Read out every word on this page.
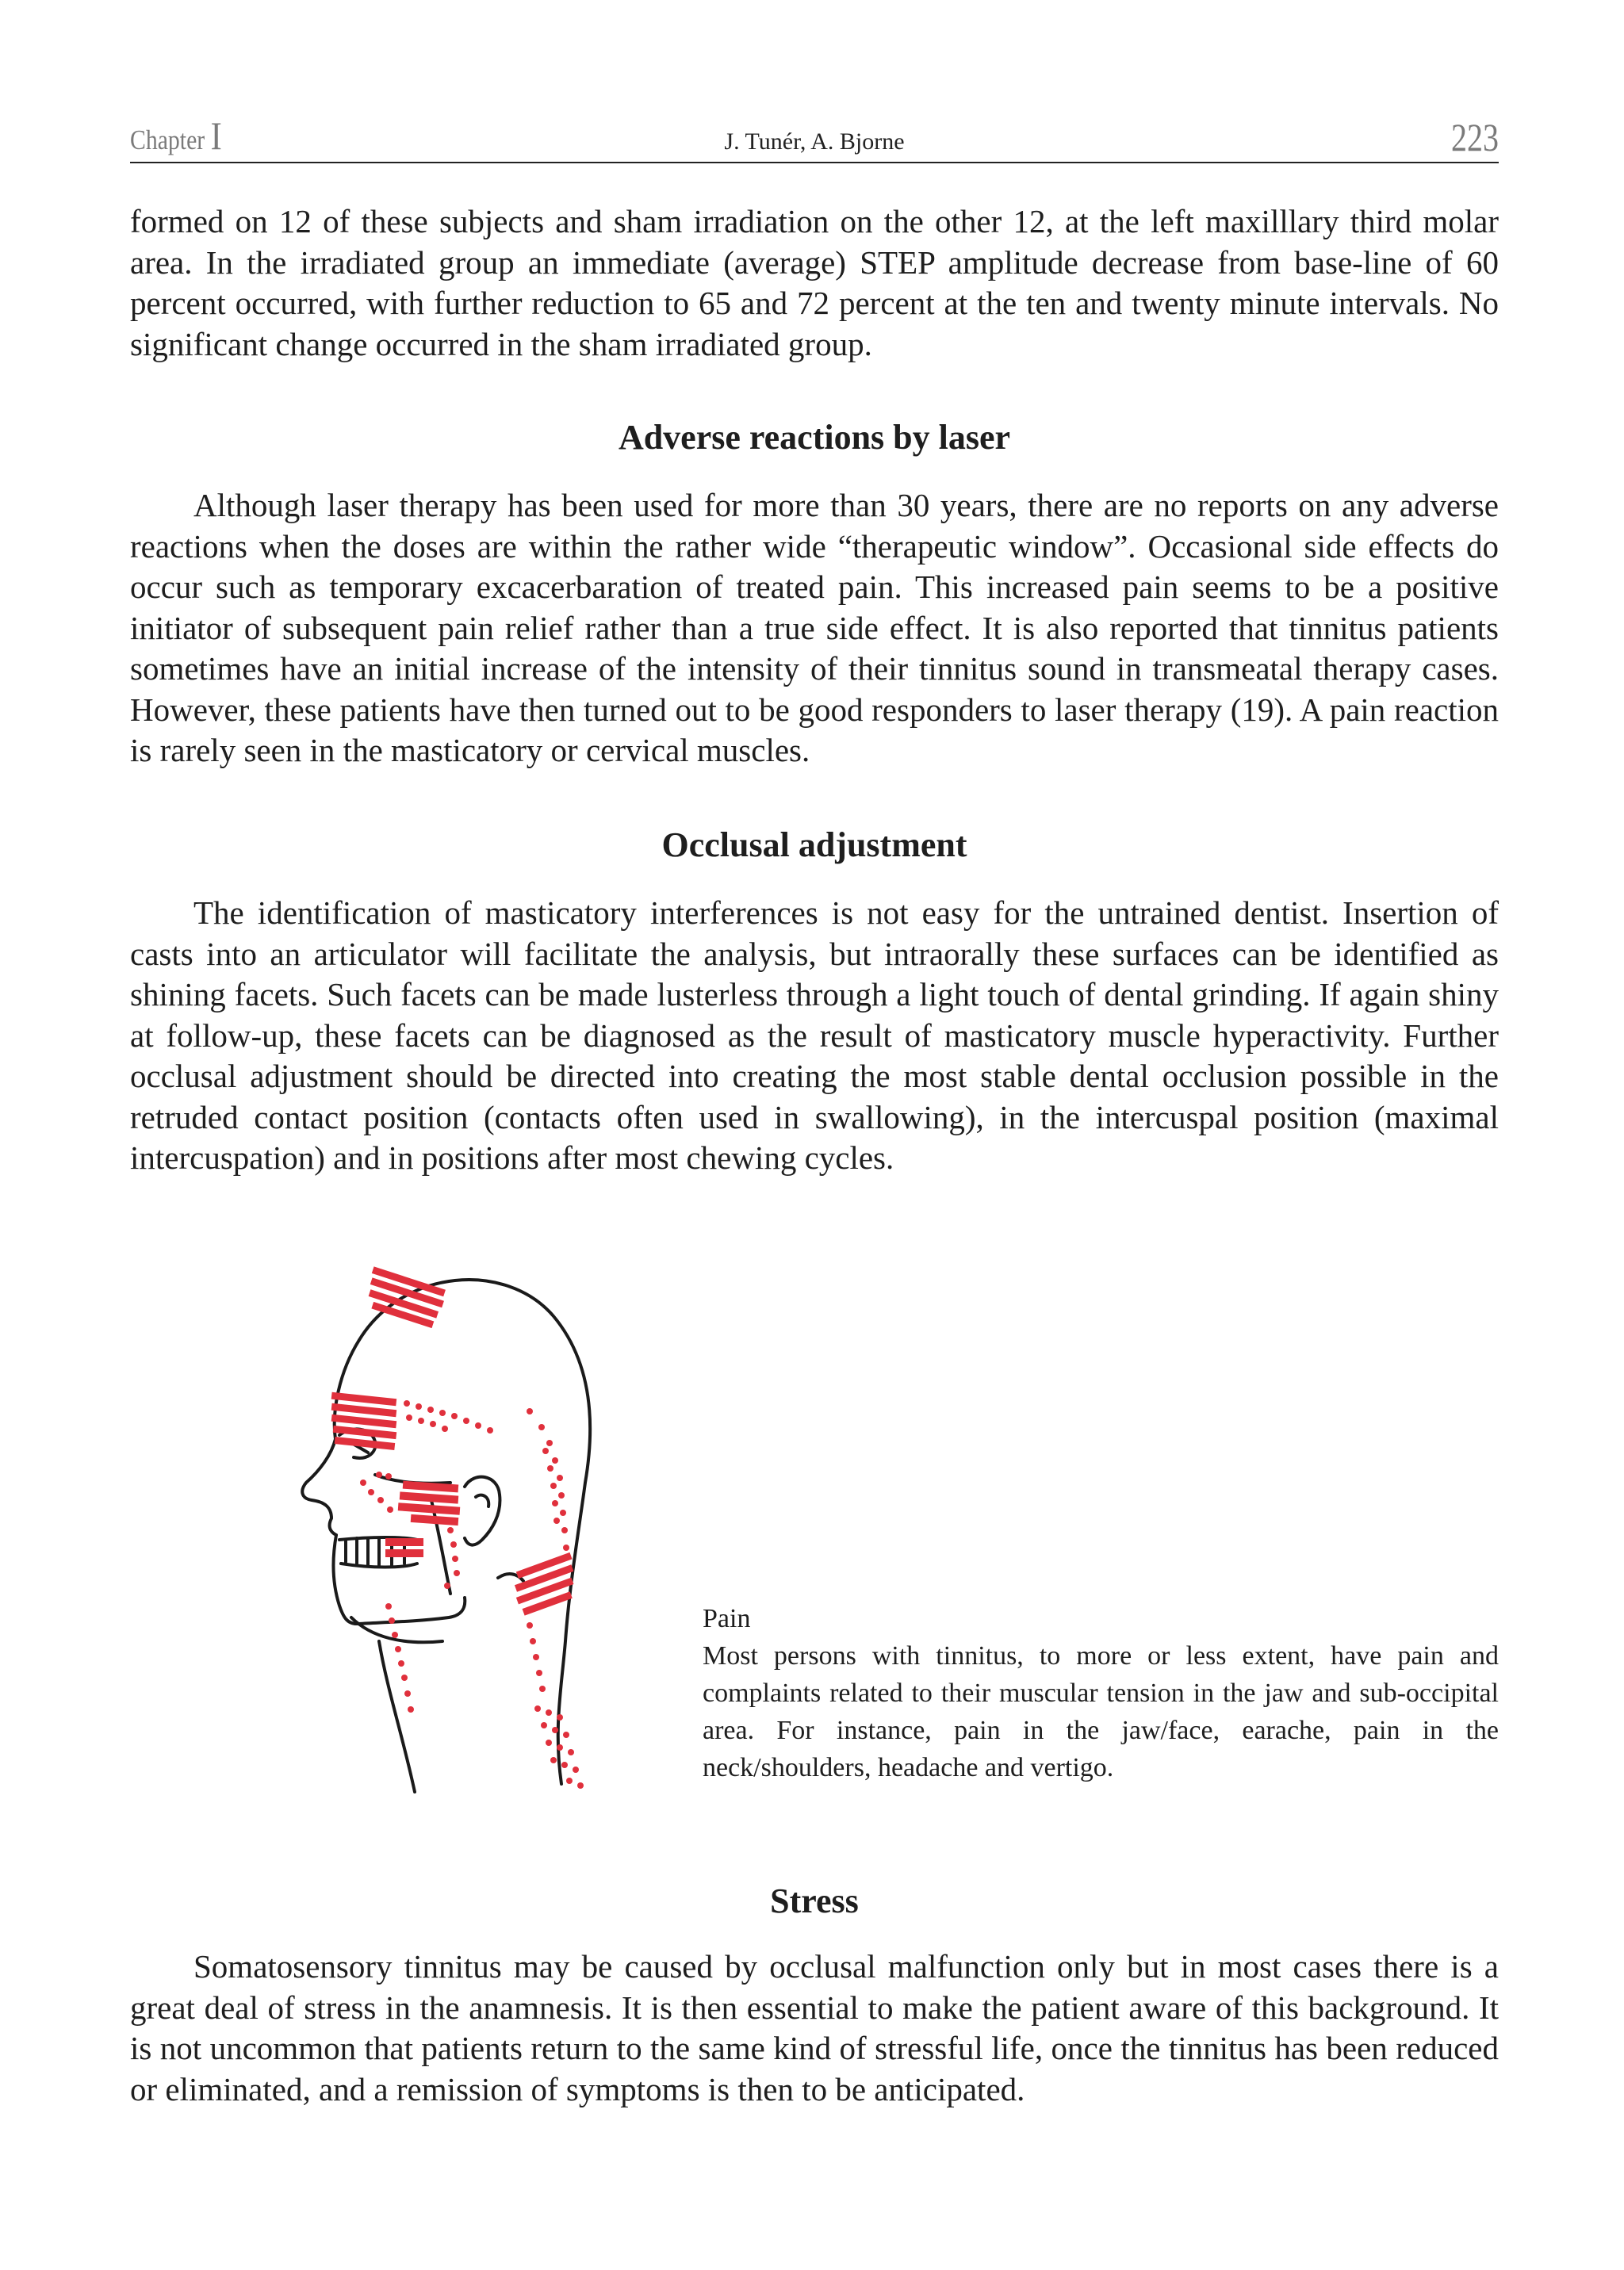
Chapter I	J. Tunér, A. Bjorne	223

formed on 12 of these subjects and sham irradiation on the other 12, at the left maxilllary third molar area. In the irradiated group an immediate (average) STEP amplitude decrease from base-line of 60 percent occurred, with further reduction to 65 and 72 percent at the ten and twenty minute intervals. No significant change occurred in the sham irradiated group.

Adverse reactions by laser

Although laser therapy has been used for more than 30 years, there are no reports on any adverse reactions when the doses are within the rather wide “therapeutic window”. Occasional side effects do occur such as temporary excacerbaration of treated pain. This increased pain seems to be a positive initiator of subsequent pain relief rather than a true side effect. It is also reported that tinnitus patients sometimes have an initial increase of the intensity of their tinnitus sound in transmeatal therapy cases. However, these patients have then turned out to be good responders to laser therapy (19). A pain reaction is rarely seen in the masticatory or cervical muscles.

Occlusal adjustment

The identification of masticatory interferences is not easy for the untrained dentist. Insertion of casts into an articulator will facilitate the analysis, but intraorally these surfaces can be identified as shining facets. Such facets can be made lusterless through a light touch of dental grinding. If again shiny at follow-up, these facets can be diagnosed as the result of masticatory muscle hyperactivity. Further occlusal adjustment should be directed into creating the most stable dental occlusion possible in the retruded contact position (contacts often used in swallowing), in the intercuspal position (maximal intercuspation) and in positions after most chewing cycles.

Pain
Most persons with tinnitus, to more or less extent, have pain and complaints related to their muscular tension in the jaw and sub-occipital area. For instance, pain in the jaw/face, earache, pain in the neck/shoulders, headache and vertigo.
Stress

Somatosensory tinnitus may be caused by occlusal malfunction only but in most cases there is a great deal of stress in the anamnesis. It is then essential to make the patient aware of this background. It is not uncommon that patients return to the same kind of stressful life, once the tinnitus has been reduced or eliminated, and a remission of symptoms is then to be anticipated.
